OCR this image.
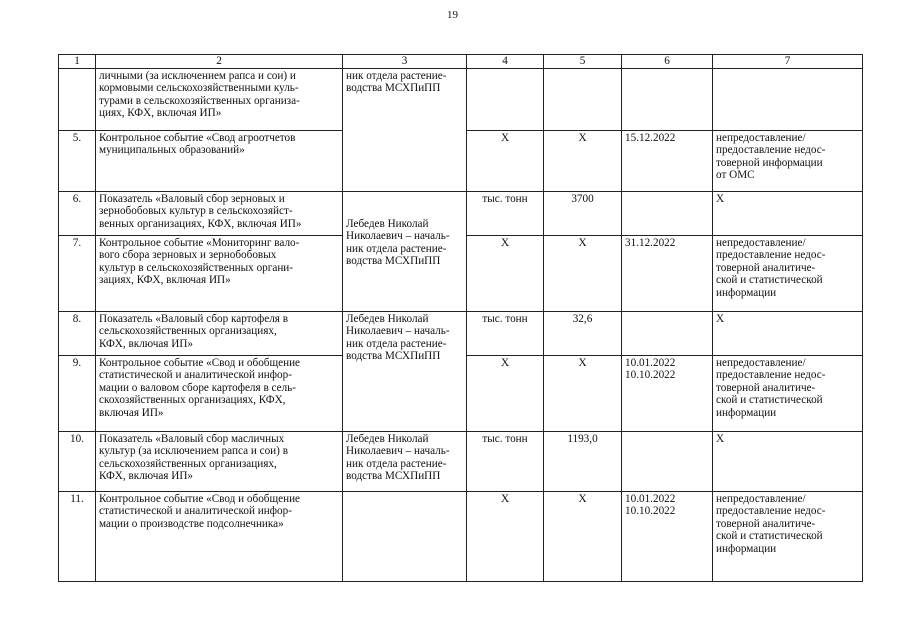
19
1	2	3	4	5	6	7

	личными (за исключением рапса и сои) и
кормовыми сельскохозяйственными куль-
турами в сельскохозяйственных организа-
циях, КФХ, включая ИП»	ник отдела растение-
водства МСХПиПП				

5.	Контрольное событие «Свод агроотчетов
муниципальных образований»		Х	Х	15.12.2022	непредоставление/
предоставление недос-
товерной информации
от ОМС

6.	Показатель «Валовый сбор зерновых и
зернобобовых культур в сельскохозяйст-
венных организациях, КФХ, включая ИП»	Лебедев Николай
Николаевич – началь-
ник отдела растение-
водства МСХПиПП	тыс. тонн	3700		Х

7.	Контрольное событие «Мониторинг вало-
вого сбора зерновых и зернобобовых
культур в сельскохозяйственных органи-
зациях, КФХ, включая ИП»		Х	Х	31.12.2022	непредоставление/
предоставление недос-
товерной аналитиче-
ской и статистической
информации

8.	Показатель «Валовый сбор картофеля в
сельскохозяйственных организациях,
КФХ, включая ИП»	Лебедев Николай
Николаевич – началь-
ник отдела растение-
водства МСХПиПП	тыс. тонн	32,6		Х

9.	Контрольное событие «Свод и обобщение
статистической и аналитической инфор-
мации о валовом сборе картофеля в сель-
скохозяйственных организациях, КФХ,
включая ИП»		Х	Х	10.01.2022
10.10.2022	непредоставление/
предоставление недос-
товерной аналитиче-
ской и статистической
информации

10.	Показатель «Валовый сбор масличных
культур (за исключением рапса и сои) в
сельскохозяйственных организациях,
КФХ, включая ИП»	Лебедев Николай
Николаевич – началь-
ник отдела растение-
водства МСХПиПП	тыс. тонн	1193,0		Х

11.	Контрольное событие «Свод и обобщение
статистической и аналитической инфор-
мации о производстве подсолнечника»		Х	Х	10.01.2022
10.10.2022	непредоставление/
предоставление недос-
товерной аналитиче-
ской и статистической
информации
